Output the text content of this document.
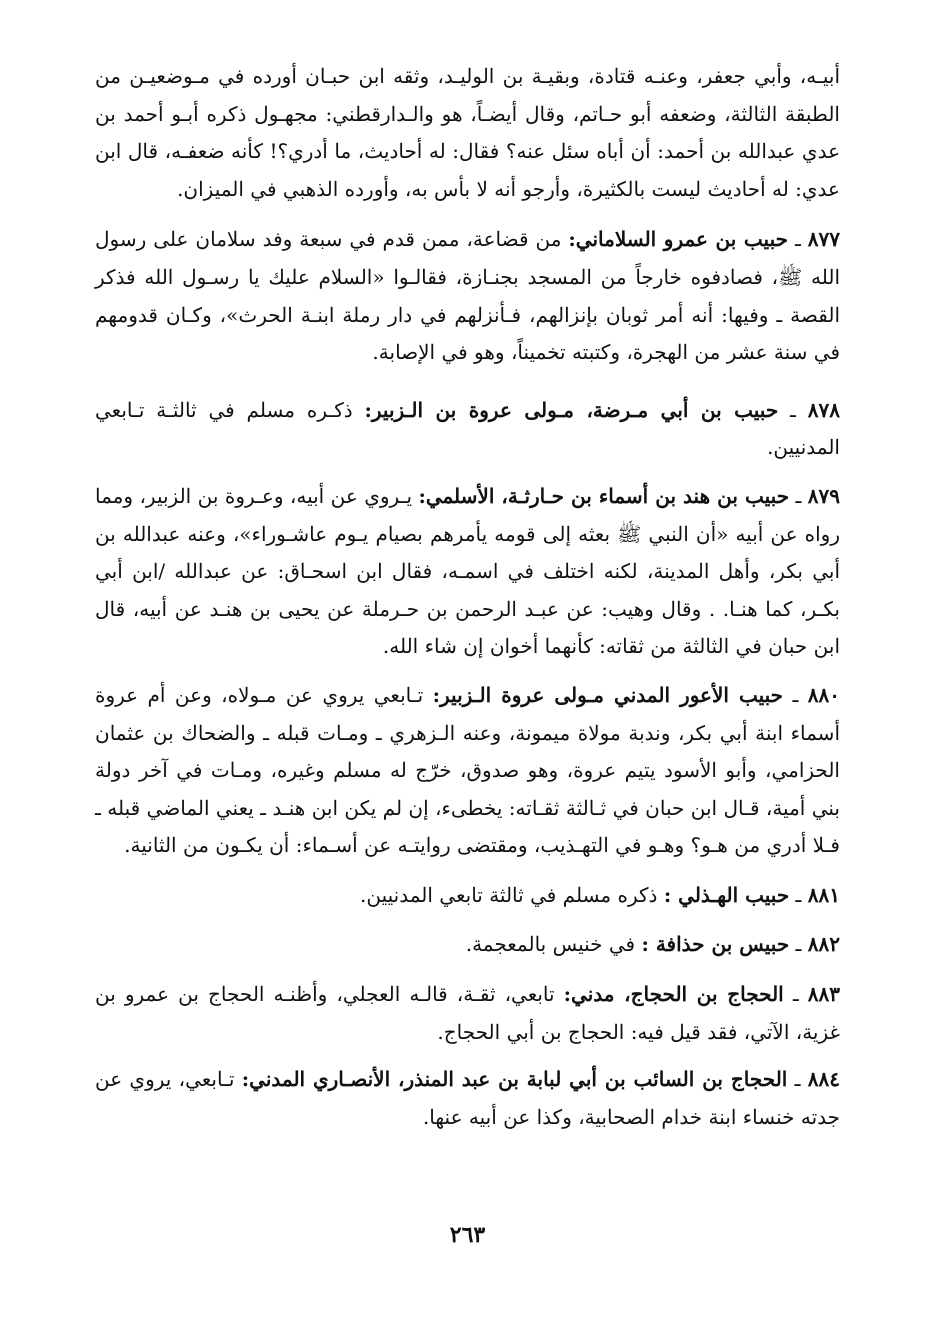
أبيـه، وأبي جعفر، وعنـه قتادة، وبقيـة بن الوليـد، وثقه ابن حبـان أورده في مـوضعيـن من الطبقة الثالثة، وضعفه أبو حـاتم، وقال أيضـاً، هو والـدارقطني: مجهـول ذكره أبـو أحمد بن عدي عبدالله بن أحمد: أن أباه سئل عنه؟ فقال: له أحاديث، ما أدري؟! كأنه ضعفـه، قال ابن عدي: له أحاديث ليست بالكثيرة، وأرجو أنه لا بأس به، وأورده الذهبي في الميزان.

٨٧٧ ـ حبيب بن عمرو السلاماني: من قضاعة، ممن قدم في سبعة وفد سلامان على رسول الله ﷺ، فصادفوه خارجاً من المسجد بجنـازة، فقالـوا «السلام عليك يا رسـول الله فذكر القصة ـ وفيها: أنه أمر ثوبان بإنزالهم، فـأنزلهم في دار رملة ابنـة الحرث»، وكـان قدومهم في سنة عشر من الهجرة، وكتبته تخميناً، وهو في الإصابة.

٨٧٨ ـ حبيب بن أبي مـرضة، مـولى عروة بن الـزبير: ذكـره مسلم في ثالثـة تـابعي المدنيين.

٨٧٩ ـ حبيب بن هند بن أسماء بن حـارثـة، الأسلمي: يـروي عن أبيه، وعـروة بن الزبير، ومما رواه عن أبيه «أن النبي ﷺ بعثه إلى قومه يأمرهم بصيام يـوم عاشـوراء»، وعنه عبدالله بن أبي بكر، وأهل المدينة، لكنه اختلف في اسمـه، فقال ابن اسحـاق: عن عبدالله /ابن أبي بكـر، كما هنـا. . وقال وهيب: عن عبـد الرحمن بن حـرملة عن يحيى بن هنـد عن أبيه، قال ابن حبان في الثالثة من ثقاته: كأنهما أخوان إن شاء الله.

٨٨٠ ـ حبيب الأعور المدني مـولى عروة الـزبير: تـابعي يروي عن مـولاه، وعن أم عروة أسماء ابنة أبي بكر، وندبة مولاة ميمونة، وعنه الـزهري ـ ومـات قبله ـ والضحاك بن عثمان الحزامي، وأبو الأسود يتيم عروة، وهو صدوق، خرّج له مسلم وغيره، ومـات في آخر دولة بني أمية، قـال ابن حبان في ثـالثة ثقـاته: يخطىء، إن لم يكن ابن هنـد ـ يعني الماضي قبله ـ فـلا أدري من هـو؟ وهـو في التهـذيب، ومقتضى روايتـه عن أسـماء: أن يكـون من الثانية.

٨٨١ ـ حبيب الهـذلي : ذكره مسلم في ثالثة تابعي المدنيين.

٨٨٢ ـ حبيس بن حذافة : في خنيس بالمعجمة.

٨٨٣ ـ الحجاج بن الحجاج، مدني: تابعي، ثقـة، قالـه العجلي، وأظنـه الحجاج بن عمرو بن غزية، الآتي، فقد قيل فيه: الحجاج بن أبي الحجاج.

٨٨٤ ـ الحجاج بن السائب بن أبي لبابة بن عبد المنذر، الأنصـاري المدني: تـابعي، يروي عن جدته خنساء ابنة خدام الصحابية، وكذا عن أبيه عنها.

٢٦٣
